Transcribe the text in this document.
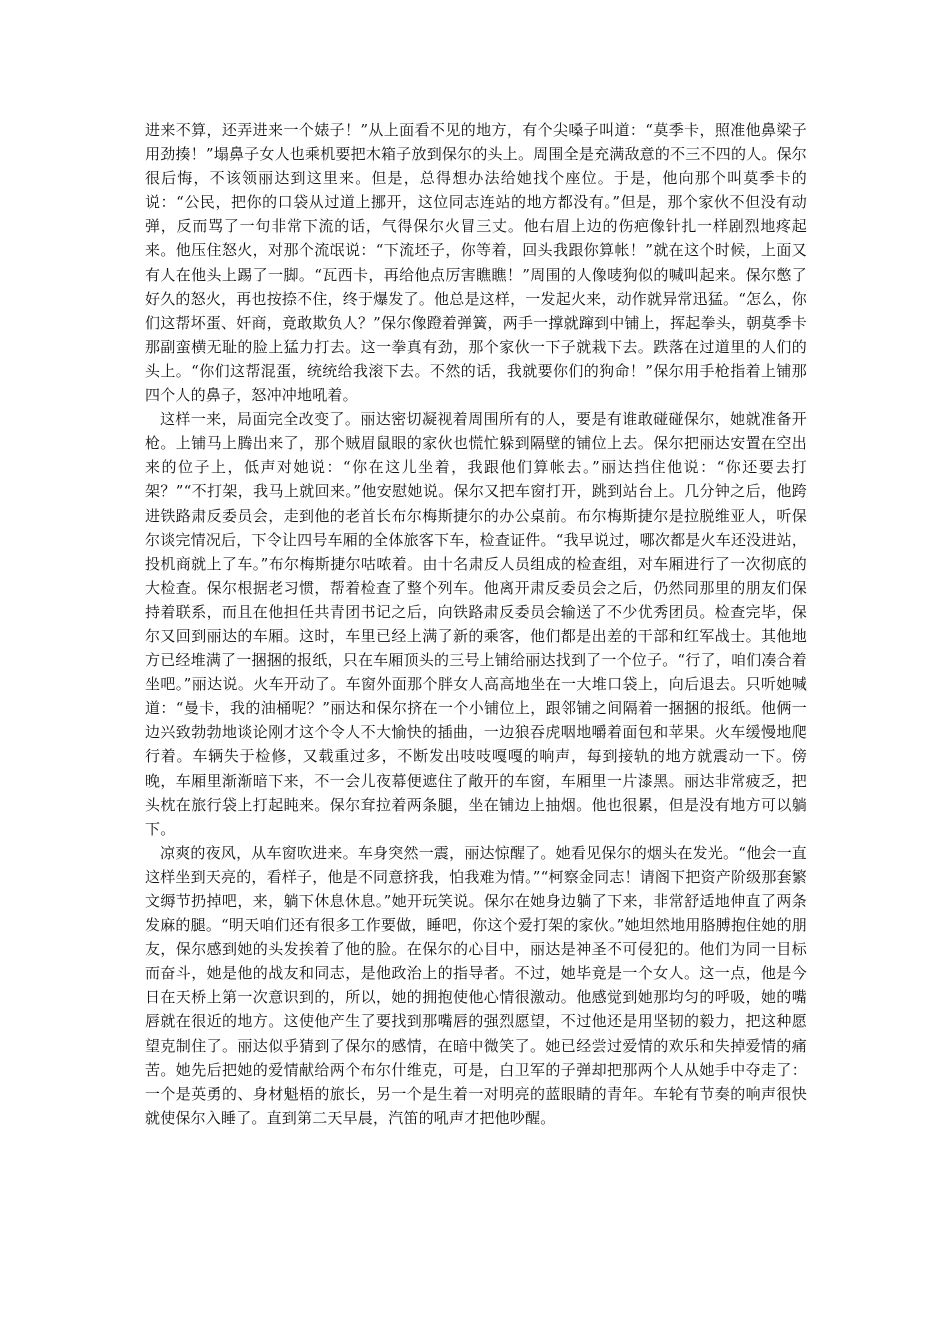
进来不算，还弄进来一个婊子！”从上面看不见的地方，有个尖嗓子叫道：“莫季卡，照准他鼻梁子用劲揍！”塌鼻子女人也乘机要把木箱子放到保尔的头上。周围全是充满敌意的不三不四的人。保尔很后悔，不该领丽达到这里来。但是，总得想办法给她找个座位。于是，他向那个叫莫季卡的说：“公民，把你的口袋从过道上挪开，这位同志连站的地方都没有。”但是，那个家伙不但没有动弹，反而骂了一句非常下流的话，气得保尔火冒三丈。他右眉上边的伤疤像针扎一样剧烈地疼起来。他压住怒火，对那个流氓说：“下流坯子，你等着，回头我跟你算帐！”就在这个时候，上面又有人在他头上踢了一脚。“瓦西卡，再给他点厉害瞧瞧！”周围的人像唛狗似的喊叫起来。保尔憋了好久的怒火，再也按捺不住，终于爆发了。他总是这样，一发起火来，动作就异常迅猛。“怎么，你们这帮坏蛋、奸商，竟敢欺负人？”保尔像蹬着弹簧，两手一撑就蹿到中铺上，挥起拳头，朝莫季卡那副蛮横无耻的脸上猛力打去。这一拳真有劲，那个家伙一下子就栽下去。跌落在过道里的人们的头上。“你们这帮混蛋，统统给我滚下去。不然的话，我就要你们的狗命！”保尔用手枪指着上铺那四个人的鼻子，怒冲冲地吼着。

这样一来，局面完全改变了。丽达密切凝视着周围所有的人，要是有谁敢碰碰保尔，她就准备开枪。上铺马上腾出来了，那个贼眉鼠眼的家伙也慌忙躲到隔壁的铺位上去。保尔把丽达安置在空出来的位子上，低声对她说：“你在这儿坐着，我跟他们算帐去。”丽达挡住他说：“你还要去打架？”“不打架，我马上就回来。”他安慰她说。保尔又把车窗打开，跳到站台上。几分钟之后，他跨进铁路肃反委员会，走到他的老首长布尔梅斯捷尔的办公桌前。布尔梅斯捷尔是拉脱维亚人，听保尔谈完情况后，下令让四号车厢的全体旅客下车，检查证件。“我早说过，哪次都是火车还没进站，投机商就上了车。”布尔梅斯捷尔咕哝着。由十名肃反人员组成的检查组，对车厢进行了一次彻底的大检查。保尔根据老习惯，帮着检查了整个列车。他离开肃反委员会之后，仍然同那里的朋友们保持着联系，而且在他担任共青团书记之后，向铁路肃反委员会输送了不少优秀团员。检查完毕，保尔又回到丽达的车厢。这时，车里已经上满了新的乘客，他们都是出差的干部和红军战士。其他地方已经堆满了一捆捆的报纸，只在车厢顶头的三号上铺给丽达找到了一个位子。“行了，咱们凑合着坐吧。”丽达说。火车开动了。车窗外面那个胖女人高高地坐在一大堆口袋上，向后退去。只听她喊道：“曼卡，我的油桶呢？”丽达和保尔挤在一个小铺位上，跟邻铺之间隔着一捆捆的报纸。他俩一边兴致勃勃地谈论刚才这个令人不大愉快的插曲，一边狼吞虎咽地嚼着面包和苹果。火车缓慢地爬行着。车辆失于检修，又载重过多，不断发出吱吱嘎嘎的响声，每到接轨的地方就震动一下。傍晚，车厢里渐渐暗下来，不一会儿夜幕便遮住了敞开的车窗，车厢里一片漆黑。丽达非常疲乏，把头枕在旅行袋上打起盹来。保尔耷拉着两条腿，坐在铺边上抽烟。他也很累，但是没有地方可以躺下。

凉爽的夜风，从车窗吹进来。车身突然一震，丽达惊醒了。她看见保尔的烟头在发光。“他会一直这样坐到天亮的，看样子，他是不同意挤我，怕我难为情。”“柯察金同志！请阁下把资产阶级那套繁文缛节扔掉吧，来，躺下休息休息。”她开玩笑说。保尔在她身边躺了下来，非常舒适地伸直了两条发麻的腿。“明天咱们还有很多工作要做，睡吧，你这个爱打架的家伙。”她坦然地用胳膊抱住她的朋友，保尔感到她的头发挨着了他的脸。在保尔的心目中，丽达是神圣不可侵犯的。他们为同一目标而奋斗，她是他的战友和同志，是他政治上的指导者。不过，她毕竟是一个女人。这一点，他是今日在天桥上第一次意识到的，所以，她的拥抱使他心情很激动。他感觉到她那均匀的呼吸，她的嘴唇就在很近的地方。这使他产生了要找到那嘴唇的强烈愿望，不过他还是用坚韧的毅力，把这种愿望克制住了。丽达似乎猜到了保尔的感情，在暗中微笑了。她已经尝过爱情的欢乐和失掉爱情的痛苦。她先后把她的爱情献给两个布尔什维克，可是，白卫军的子弹却把那两个人从她手中夺走了：一个是英勇的、身材魁梧的旅长，另一个是生着一对明亮的蓝眼睛的青年。车轮有节奏的响声很快就使保尔入睡了。直到第二天早晨，汽笛的吼声才把他吵醒。
